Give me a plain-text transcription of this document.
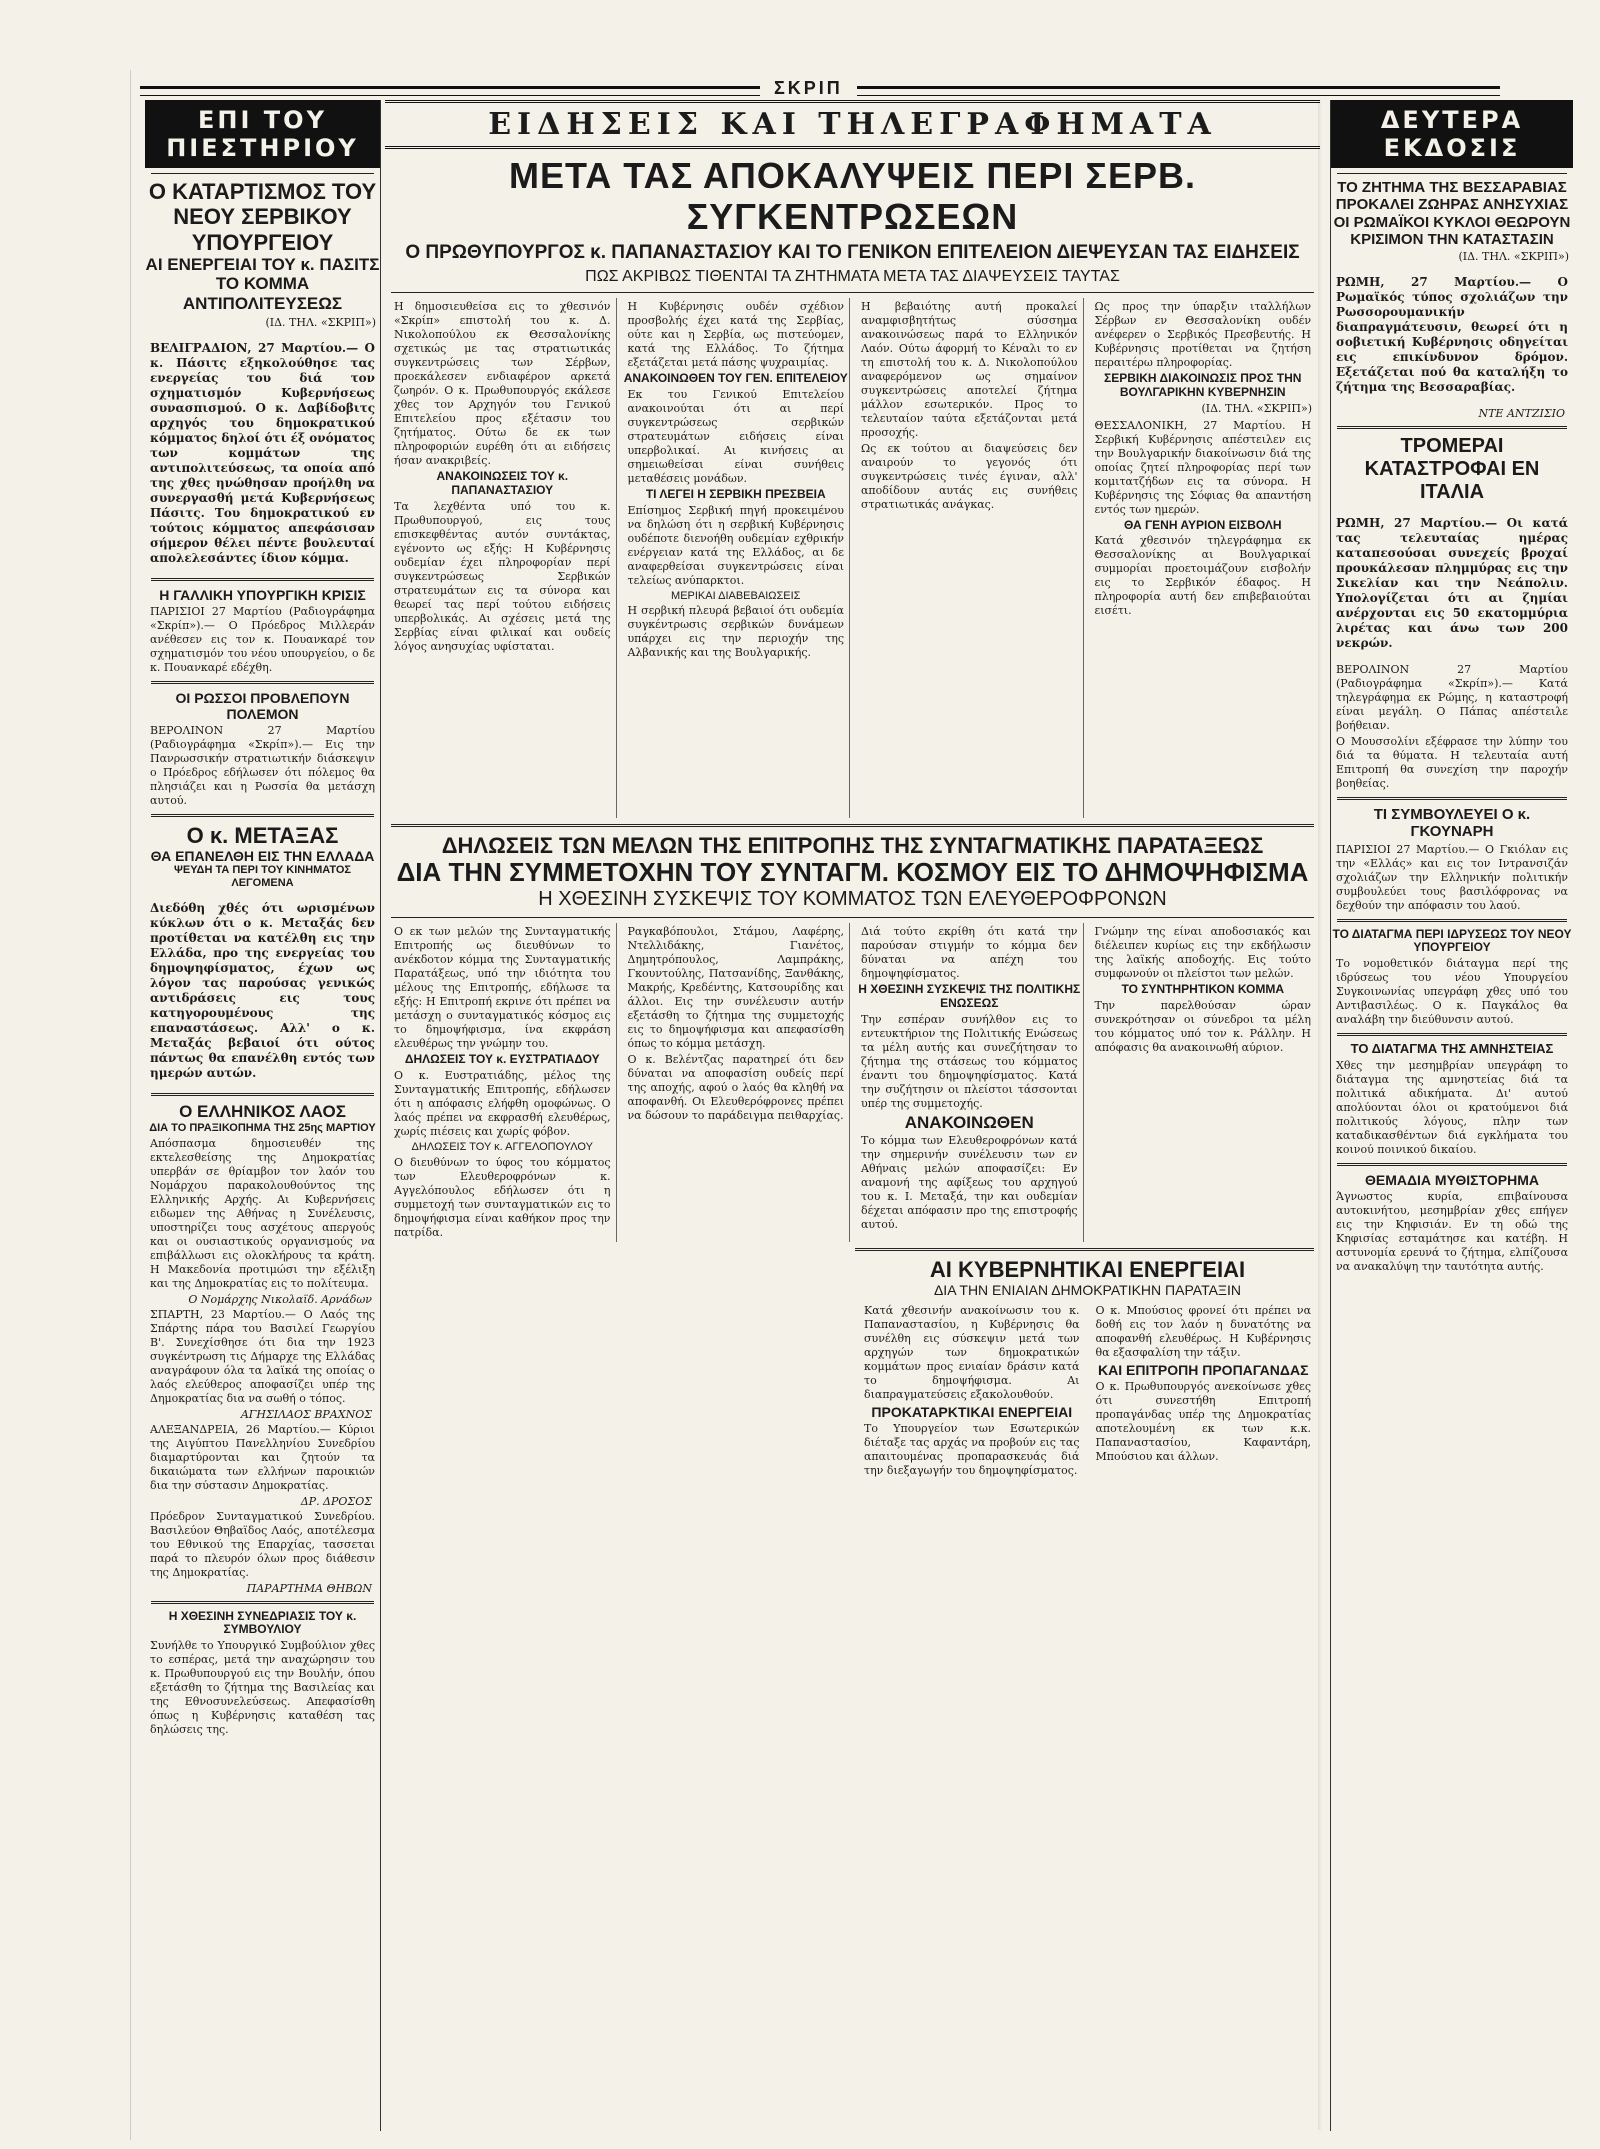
ΣΚΡΙΠ
ΕΠΙ ΤΟΥ ΠΙΕΣΤΗΡΙΟΥ
Ο ΚΑΤΑΡΤΙΣΜΟΣ ΤΟΥ ΝΕΟΥ ΣΕΡΒΙΚΟΥ ΥΠΟΥΡΓΕΙΟΥ
ΑΙ ΕΝΕΡΓΕΙΑΙ ΤΟΥ κ. ΠΑΣΙΤΣ
ΤΟ ΚΟΜΜΑ ΑΝΤΙΠΟΛΙΤΕΥΣΕΩΣ
(ΙΔ. ΤΗΛ. «ΣΚΡΙΠ»)

ΒΕΛΙΓΡΑΔΙΟΝ, 27 Μαρτίου.— Ο κ. Πάσιτς εξηκολούθησε τας ενεργείας του διά τον σχηματισμόν Κυβερνήσεως συνασπισμού. Ο κ. Δαβίδοβιτς αρχηγός του δημοκρατικού κόμματος δηλοί ότι έξ ονόματος των κομμάτων της αντιπολιτεύσεως, τα οποία από της χθες ηνώθησαν προήλθη να συνεργασθή μετά Κυβερνήσεως Πάσιτς. Του δημοκρατικού εν τούτοις κόμματος απεφάσισαν σήμερον θέλει πέντε βουλευταί απολελεσάντες ίδιον κόμμα.

Η ΓΑΛΛΙΚΗ ΥΠΟΥΡΓΙΚΗ ΚΡΙΣΙΣ

ΠΑΡΙΣΙΟΙ 27 Μαρτίου (Ραδιογράφημα «Σκρίπ»).— Ο Πρόεδρος Μιλλεράν ανέθεσεν εις τον κ. Πουανκαρέ τον σχηματισμόν του νέου υπουργείου, ο δε κ. Πουανκαρέ εδέχθη.

ΟΙ ΡΩΣΣΟΙ ΠΡΟΒΛΕΠΟΥΝ ΠΟΛΕΜΟΝ

ΒΕΡΟΛΙΝΟΝ 27 Μαρτίου (Ραδιογράφημα «Σκρίπ»).— Εις την Πανρωσσικήν στρατιωτικήν διάσκεψιν ο Πρόεδρος εδήλωσεν ότι πόλεμος θα πλησιάζει και η Ρωσσία θα μετάσχη αυτού.

Ο κ. ΜΕΤΑΞΑΣ
ΘΑ ΕΠΑΝΕΛΘΗ ΕΙΣ ΤΗΝ ΕΛΛΑΔΑ
ΨΕΥΔΗ ΤΑ ΠΕΡΙ ΤΟΥ ΚΙΝΗΜΑΤΟΣ ΛΕΓΟΜΕΝΑ

Διεδόθη χθές ότι ωρισμένων κύκλων ότι ο κ. Μεταξάς δεν προτίθεται να κατέλθη εις την Ελλάδα, προ της ενεργείας του δημοψηφίσματος, έχων ως λόγον τας παρούσας γενικώς αντιδράσεις εις τους κατηγορουμένους της επαναστάσεως. Αλλ' ο κ. Μεταξάς βεβαιοί ότι ούτος πάντως θα επανέλθη εντός των ημερών αυτών.

Ο ΕΛΛΗΝΙΚΟΣ ΛΑΟΣ
ΔΙΑ ΤΟ ΠΡΑΞΙΚΟΠΗΜΑ ΤΗΣ 25ης ΜΑΡΤΙΟΥ

Απόσπασμα δημοσιευθέν της εκτελεσθείσης της Δημοκρατίας υπερβάν σε θρίαμβον τον λαόν του Νομάρχου παρακολουθούντος της Ελληνικής Αρχής. Αι Κυβερνήσεις ειδωμεν της Αθήνας η Συνέλευσις, υποστηρίζει τους ασχέτους απεργούς και οι ουσιαστικούς οργανισμούς να επιβάλλωσι εις ολοκλήρους τα κράτη. Η Μακεδονία προτιμώσι την εξέλιξη και της Δημοκρατίας εις το πολίτευμα.

Ο Νομάρχης Νικολαϊδ. Αρνάδων

ΣΠΑΡΤΗ, 23 Μαρτίου.— Ο Λαός της Σπάρτης πάρα του Βασιλεί Γεωργίου Β'. Συνεχίσθησε ότι δια την 1923 συγκέντρωση τις Δήμαρχε της Ελλάδας αναγράφουν όλα τα λαϊκά της οποίας ο λαός ελεύθερος αποφασίζει υπέρ της Δημοκρατίας δια να σωθή ο τόπος.

ΑΓΗΣΙΛΑΟΣ ΒΡΑΧΝΟΣ

ΑΛΕΞΑΝΔΡΕΙΑ, 26 Μαρτίου.— Κύριοι της Αιγύπτου Πανελληνίου Συνεδρίου διαμαρτύρονται και ζητούν τα δικαιώματα των ελλήνων παροικιών δια την σύστασιν Δημοκρατίας.

ΔΡ. ΔΡΟΣΟΣ

Πρόεδρον Συνταγματικού Συνεδρίου. Βασιλεύον Θηβαϊδος Λαός, αποτέλεσμα του Εθνικού της Επαρχίας, τασσεται παρά το πλευρόν όλων προς διάθεσιν της Δημοκρατίας.

ΠΑΡΑΡΤΗΜΑ ΘΗΒΩΝ
Η ΧΘΕΣΙΝΗ ΣΥΝΕΔΡΙΑΣΙΣ ΤΟΥ κ. ΣΥΜΒΟΥΛΙΟΥ

Συνήλθε το Υπουργικό Συμβούλιον χθες το εσπέρας, μετά την αναχώρησιν του κ. Πρωθυπουργού εις την Βουλήν, όπου εξετάσθη το ζήτημα της Βασιλείας και της Εθνοσυνελεύσεως. Απεφασίσθη όπως η Κυβέρνησις καταθέση τας δηλώσεις της.

ΕΙΔΗΣΕΙΣ ΚΑΙ ΤΗΛΕΓΡΑΦΗΜΑΤΑ
ΜΕΤΑ ΤΑΣ ΑΠΟΚΑΛΥΨΕΙΣ ΠΕΡΙ ΣΕΡΒ. ΣΥΓΚΕΝΤΡΩΣΕΩΝ
Ο ΠΡΩΘΥΠΟΥΡΓΟΣ κ. ΠΑΠΑΝΑΣΤΑΣΙΟΥ ΚΑΙ ΤΟ ΓΕΝΙΚΟΝ ΕΠΙΤΕΛΕΙΟΝ ΔΙΕΨΕΥΣΑΝ ΤΑΣ ΕΙΔΗΣΕΙΣ
ΠΩΣ ΑΚΡΙΒΩΣ ΤΙΘΕΝΤΑΙ ΤΑ ΖΗΤΗΜΑΤΑ ΜΕΤΑ ΤΑΣ ΔΙΑΨΕΥΣΕΙΣ ΤΑΥΤΑΣ

Η δημοσιευθείσα εις το χθεσινόν «Σκρίπ» επιστολή του κ. Δ. Νικολοπούλου εκ Θεσσαλονίκης σχετικώς με τας στρατιωτικάς συγκεντρώσεις των Σέρβων, προεκάλεσεν ενδιαφέρον αρκετά ζωηρόν. Ο κ. Πρωθυπουργός εκάλεσε χθες τον Αρχηγόν του Γενικού Επιτελείου προς εξέτασιν του ζητήματος. Ούτω δε εκ των πληροφοριών ευρέθη ότι αι ειδήσεις ήσαν ανακριβείς.

ΑΝΑΚΟΙΝΩΣΕΙΣ ΤΟΥ κ. ΠΑΠΑΝΑΣΤΑΣΙΟΥ

Τα λεχθέντα υπό του κ. Πρωθυπουργού, εις τους επισκεφθέντας αυτόν συντάκτας, εγένοντο ως εξής: Η Κυβέρνησις ουδεμίαν έχει πληροφορίαν περί συγκεντρώσεως Σερβικών στρατευμάτων εις τα σύνορα και θεωρεί τας περί τούτου ειδήσεις υπερβολικάς. Αι σχέσεις μετά της Σερβίας είναι φιλικαί και ουδείς λόγος ανησυχίας υφίσταται.

Η Κυβέρνησις ουδέν σχέδιον προσβολής έχει κατά της Σερβίας, ούτε και η Σερβία, ως πιστεύομεν, κατά της Ελλάδος. Το ζήτημα εξετάζεται μετά πάσης ψυχραιμίας.

ΑΝΑΚΟΙΝΩΘΕΝ ΤΟΥ ΓΕΝ. ΕΠΙΤΕΛΕΙΟΥ

Εκ του Γενικού Επιτελείου ανακοινούται ότι αι περί συγκεντρώσεως σερβικών στρατευμάτων ειδήσεις είναι υπερβολικαί. Αι κινήσεις αι σημειωθείσαι είναι συνήθεις μεταθέσεις μονάδων.

ΤΙ ΛΕΓΕΙ Η ΣΕΡΒΙΚΗ ΠΡΕΣΒΕΙΑ

Επίσημος Σερβική πηγή προκειμένου να δηλώση ότι η σερβική Κυβέρνησις ουδέποτε διενοήθη ουδεμίαν εχθρικήν ενέργειαν κατά της Ελλάδος, αι δε αναφερθείσαι συγκεντρώσεις είναι τελείως ανύπαρκτοι.

ΜΕΡΙΚΑΙ ΔΙΑΒΕΒΑΙΩΣΕΙΣ

Η σερβική πλευρά βεβαιοί ότι ουδεμία συγκέντρωσις σερβικών δυνάμεων υπάρχει εις την περιοχήν της Αλβανικής και της Βουλγαρικής.

Η βεβαιότης αυτή προκαλεί αναμφισβητήτως σύσσημα ανακοινώσεως παρά το Ελληνικόν Λαόν. Ούτω άφορμή το Κέναλι το εν τη επιστολή του κ. Δ. Νικολοπούλου αναφερόμενον ως σημαίνον συγκεντρώσεις αποτελεί ζήτημα μάλλον εσωτερικόν. Προς το τελευταίον ταύτα εξετάζονται μετά προσοχής.

Ως εκ τούτου αι διαψεύσεις δεν αναιρούν το γεγονός ότι συγκεντρώσεις τινές έγιναν, αλλ' αποδίδουν αυτάς εις συνήθεις στρατιωτικάς ανάγκας.

Ως προς την ύπαρξιν ιταλλήλων Σέρβων εν Θεσσαλονίκη ουδέν ανέφερεν ο Σερβικός Πρεσβευτής. Η Κυβέρνησις προτίθεται να ζητήση περαιτέρω πληροφορίας.

ΣΕΡΒΙΚΗ ΔΙΑΚΟΙΝΩΣΙΣ ΠΡΟΣ ΤΗΝ ΒΟΥΛΓΑΡΙΚΗΝ ΚΥΒΕΡΝΗΣΙΝ
(ΙΔ. ΤΗΛ. «ΣΚΡΙΠ»)

ΘΕΣΣΑΛΟΝΙΚΗ, 27 Μαρτίου. Η Σερβική Κυβέρνησις απέστειλεν εις την Βουλγαρικήν διακοίνωσιν διά της οποίας ζητεί πληροφορίας περί των κομιτατζήδων εις τα σύνορα. Η Κυβέρνησις της Σόφιας θα απαντήση εντός των ημερών.

ΘΑ ΓΕΝΗ ΑΥΡΙΟΝ ΕΙΣΒΟΛΗ

Κατά χθεσινόν τηλεγράφημα εκ Θεσσαλονίκης αι Βουλγαρικαί συμμορίαι προετοιμάζουν εισβολήν εις το Σερβικόν έδαφος. Η πληροφορία αυτή δεν επιβεβαιούται εισέτι.

ΔΗΛΩΣΕΙΣ ΤΩΝ ΜΕΛΩΝ ΤΗΣ ΕΠΙΤΡΟΠΗΣ ΤΗΣ ΣΥΝΤΑΓΜΑΤΙΚΗΣ ΠΑΡΑΤΑΞΕΩΣ
ΔΙΑ ΤΗΝ ΣΥΜΜΕΤΟΧΗΝ ΤΟΥ ΣΥΝΤΑΓΜ. ΚΟΣΜΟΥ ΕΙΣ ΤΟ ΔΗΜΟΨΗΦΙΣΜΑ
Η ΧΘΕΣΙΝΗ ΣΥΣΚΕΨΙΣ ΤΟΥ ΚΟΜΜΑΤΟΣ ΤΩΝ ΕΛΕΥΘΕΡΟΦΡΟΝΩΝ

Ο εκ των μελών της Συνταγματικής Επιτροπής ως διευθύνων το ανέκδοτον κόμμα της Συνταγματικής Παρατάξεως, υπό την ιδιότητα του μέλους της Επιτροπής, εδήλωσε τα εξής: Η Επιτροπή εκρινε ότι πρέπει να μετάσχη ο συνταγματικός κόσμος εις το δημοψήφισμα, ίνα εκφράση ελευθέρως την γνώμην του.

ΔΗΛΩΣΕΙΣ ΤΟΥ κ. ΕΥΣΤΡΑΤΙΑΔΟΥ

Ο κ. Ευστρατιάδης, μέλος της Συνταγματικής Επιτροπής, εδήλωσεν ότι η απόφασις ελήφθη ομοφώνως. Ο λαός πρέπει να εκφρασθή ελευθέρως, χωρίς πιέσεις και χωρίς φόβον.

ΔΗΛΩΣΕΙΣ ΤΟΥ κ. ΑΓΓΕΛΟΠΟΥΛΟΥ

Ο διευθύνων το ύφος του κόμματος των Ελευθεροφρόνων κ. Αγγελόπουλος εδήλωσεν ότι η συμμετοχή των συνταγματικών εις το δημοψήφισμα είναι καθήκον προς την πατρίδα.

Ραγκαβόπουλοι, Στάμου, Λαφέρης, Ντελλιδάκης, Γιανέτος, Δημητρόπουλος, Λαμπράκης, Γκουντούλης, Πατσανίδης, Ξανθάκης, Μακρής, Κρεδέντης, Κατσουρίδης και άλλοι. Εις την συνέλευσιν αυτήν εξετάσθη το ζήτημα της συμμετοχής εις το δημοψήφισμα και απεφασίσθη όπως το κόμμα μετάσχη.

Ο κ. Βελέντζας παρατηρεί ότι δεν δύναται να αποφασίση ουδείς περί της αποχής, αφού ο λαός θα κληθή να αποφανθή. Οι Ελευθερόφρονες πρέπει να δώσουν το παράδειγμα πειθαρχίας.

Διά τούτο εκρίθη ότι κατά την παρούσαν στιγμήν το κόμμα δεν δύναται να απέχη του δημοψηφίσματος.

Η ΧΘΕΣΙΝΗ ΣΥΣΚΕΨΙΣ ΤΗΣ ΠΟΛΙΤΙΚΗΣ ΕΝΩΣΕΩΣ

Την εσπέραν συνήλθον εις το εντευκτήριον της Πολιτικής Ενώσεως τα μέλη αυτής και συνεζήτησαν το ζήτημα της στάσεως του κόμματος έναντι του δημοψηφίσματος. Κατά την συζήτησιν οι πλείστοι τάσσονται υπέρ της συμμετοχής.

ΑΝΑΚΟΙΝΩΘΕΝ

Το κόμμα των Ελευθεροφρόνων κατά την σημερινήν συνέλευσιν των εν Αθήναις μελών αποφασίζει: Εν αναμονή της αφίξεως του αρχηγού του κ. Ι. Μεταξά, την και ουδεμίαν δέχεται απόφασιν προ της επιστροφής αυτού.

Γνώμην της είναι αποδοσιακός και διέλειπεν κυρίως εις την εκδήλωσιν της λαϊκής αποδοχής. Εις τούτο συμφωνούν οι πλείστοι των μελών.

ΤΟ ΣΥΝΤΗΡΗΤΙΚΟΝ ΚΟΜΜΑ

Την παρελθούσαν ώραν συνεκρότησαν οι σύνεδροι τα μέλη του κόμματος υπό τον κ. Ράλλην. Η απόφασις θα ανακοινωθή αύριον.

ΑΙ ΚΥΒΕΡΝΗΤΙΚΑΙ ΕΝΕΡΓΕΙΑΙ
ΔΙΑ ΤΗΝ ΕΝΙΑΙΑΝ ΔΗΜΟΚΡΑΤΙΚΗΝ ΠΑΡΑΤΑΞΙΝ

Κατά χθεσινήν ανακοίνωσιν του κ. Παπαναστασίου, η Κυβέρνησις θα συνέλθη εις σύσκεψιν μετά των αρχηγών των δημοκρατικών κομμάτων προς ενιαίαν δράσιν κατά το δημοψήφισμα. Αι διαπραγματεύσεις εξακολουθούν.

ΠΡΟΚΑΤΑΡΚΤΙΚΑΙ ΕΝΕΡΓΕΙΑΙ

Το Υπουργείον των Εσωτερικών διέταξε τας αρχάς να προβούν εις τας απαιτουμένας προπαρασκευάς διά την διεξαγωγήν του δημοψηφίσματος.

Ο κ. Μπούσιος φρονεί ότι πρέπει να δοθή εις τον λαόν η δυνατότης να αποφανθή ελευθέρως. Η Κυβέρνησις θα εξασφαλίση την τάξιν.

ΚΑΙ ΕΠΙΤΡΟΠΗ ΠΡΟΠΑΓΑΝΔΑΣ

Ο κ. Πρωθυπουργός ανεκοίνωσε χθες ότι συνεστήθη Επιτροπή προπαγάνδας υπέρ της Δημοκρατίας αποτελουμένη εκ των κ.κ. Παπαναστασίου, Καφαντάρη, Μπούσιου και άλλων.

ΔΕΥΤΕΡΑ ΕΚΔΟΣΙΣ
ΤΟ ΖΗΤΗΜΑ ΤΗΣ ΒΕΣΣΑΡΑΒΙΑΣ ΠΡΟΚΑΛΕΙ ΖΩΗΡΑΣ ΑΝΗΣΥΧΙΑΣ
ΟΙ ΡΩΜΑΪΚΟΙ ΚΥΚΛΟΙ ΘΕΩΡΟΥΝ ΚΡΙΣΙΜΟΝ ΤΗΝ ΚΑΤΑΣΤΑΣΙΝ
(ΙΔ. ΤΗΛ. «ΣΚΡΙΠ»)

ΡΩΜΗ, 27 Μαρτίου.— Ο Ρωμαϊκός τύπος σχολιάζων την Ρωσσορουμανικήν διαπραγμάτευσιν, θεωρεί ότι η σοβιετική Κυβέρνησις οδηγείται εις επικίνδυνον δρόμον. Εξετάζεται πού θα καταλήξη το ζήτημα της Βεσσαραβίας.

ΝΤΕ ΑΝΤΖΙΣΙΟ
ΤΡΟΜΕΡΑΙ ΚΑΤΑΣΤΡΟΦΑΙ ΕΝ ΙΤΑΛΙΑ

ΡΩΜΗ, 27 Μαρτίου.— Οι κατά τας τελευταίας ημέρας καταπεσούσαι συνεχείς βροχαί προυκάλεσαν πλημμύρας εις την Σικελίαν και την Νεάπολιν. Υπολογίζεται ότι αι ζημίαι ανέρχονται εις 50 εκατομμύρια λιρέτας και άνω των 200 νεκρών.

ΒΕΡΟΛΙΝΟΝ 27 Μαρτίου (Ραδιογράφημα «Σκρίπ»).— Κατά τηλεγράφημα εκ Ρώμης, η καταστροφή είναι μεγάλη. Ο Πάπας απέστειλε βοήθειαν.

Ο Μουσσολίνι εξέφρασε την λύπην του διά τα θύματα. Η τελευταία αυτή Επιτροπή θα συνεχίση την παροχήν βοηθείας.

ΤΙ ΣΥΜΒΟΥΛΕΥΕΙ Ο κ. ΓΚΟΥΝΑΡΗ

ΠΑΡΙΣΙΟΙ 27 Μαρτίου.— Ο Γκιόλαν εις την «Ελλάς» και εις τον Ιντρανσιζάν σχολιάζων την Ελληνικήν πολιτικήν συμβουλεύει τους βασιλόφρονας να δεχθούν την απόφασιν του λαού.

ΤΟ ΔΙΑΤΑΓΜΑ ΠΕΡΙ ΙΔΡΥΣΕΩΣ ΤΟΥ ΝΕΟΥ ΥΠΟΥΡΓΕΙΟΥ

Το νομοθετικόν διάταγμα περί της ιδρύσεως του νέου Υπουργείου Συγκοινωνίας υπεγράφη χθες υπό του Αντιβασιλέως. Ο κ. Παγκάλος θα αναλάβη την διεύθυνσιν αυτού.

ΤΟ ΔΙΑΤΑΓΜΑ ΤΗΣ ΑΜΝΗΣΤΕΙΑΣ

Χθες την μεσημβρίαν υπεγράφη το διάταγμα της αμνηστείας διά τα πολιτικά αδικήματα. Δι' αυτού απολύονται όλοι οι κρατούμενοι διά πολιτικούς λόγους, πλην των καταδικασθέντων διά εγκλήματα του κοινού ποινικού δικαίου.

ΘΕΜΑΔΙΑ ΜΥΘΙΣΤΟΡΗΜΑ

Άγνωστος κυρία, επιβαίνουσα αυτοκινήτου, μεσημβρίαν χθες επήγεν εις την Κηφισιάν. Εν τη οδώ της Κηφισίας εσταμάτησε και κατέβη. Η αστυνομία ερευνά το ζήτημα, ελπίζουσα να ανακαλύψη την ταυτότητα αυτής.
